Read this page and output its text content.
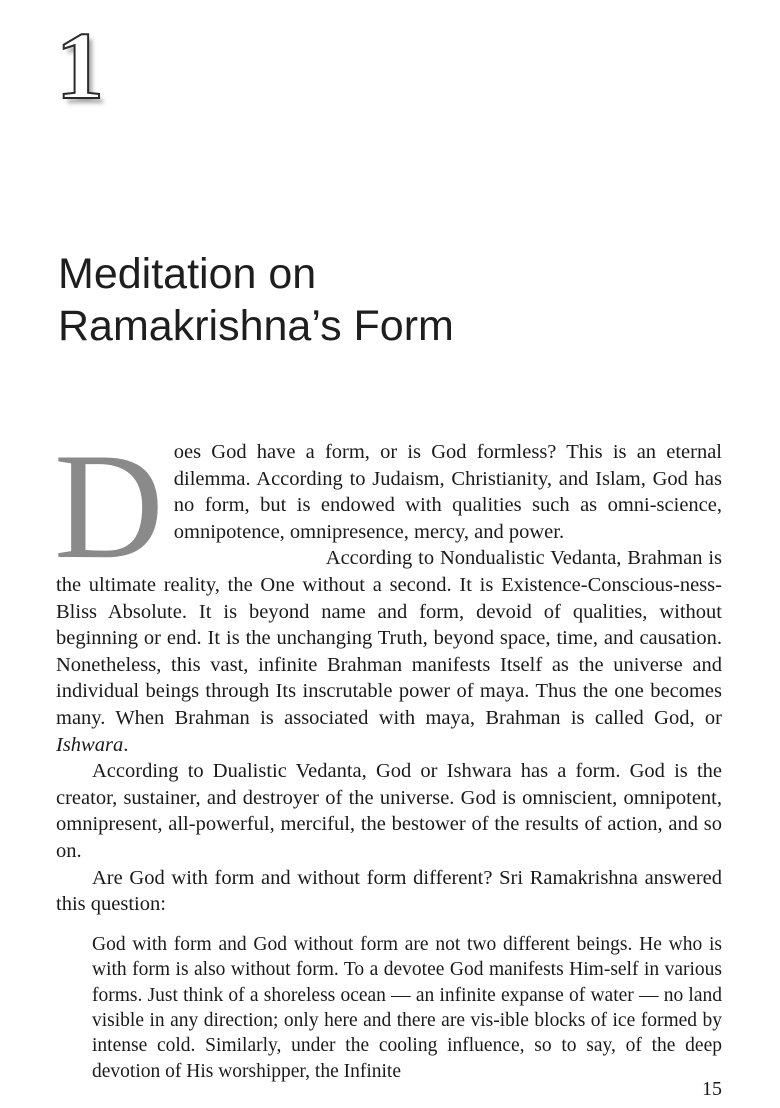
1
Meditation on
Ramakrishna’s Form

Does God have a form, or is God formless? This is an eternal dilemma. According to Judaism, Christianity, and Islam, God has no form, but is endowed with qualities such as omni-science, omnipotence, omnipresence, mercy, and power.

According to Nondualistic Vedanta, Brahman is the ultimate reality, the One without a second. It is Existence-Conscious-ness-Bliss Absolute. It is beyond name and form, devoid of qualities, without beginning or end. It is the unchanging Truth, beyond space, time, and causation. Nonetheless, this vast, infinite Brahman manifests Itself as the universe and individual beings through Its inscrutable power of maya. Thus the one becomes many. When Brahman is associated with maya, Brahman is called God, or Ishwara.

According to Dualistic Vedanta, God or Ishwara has a form. God is the creator, sustainer, and destroyer of the universe. God is omniscient, omnipotent, omnipresent, all-powerful, merciful, the bestower of the results of action, and so on.

Are God with form and without form different? Sri Ramakrishna answered this question:

God with form and God without form are not two different beings. He who is with form is also without form. To a devotee God manifests Him-self in various forms. Just think of a shoreless ocean — an infinite expanse of water — no land visible in any direction; only here and there are vis-ible blocks of ice formed by intense cold. Similarly, under the cooling influence, so to say, of the deep devotion of His worshipper, the Infinite

15
